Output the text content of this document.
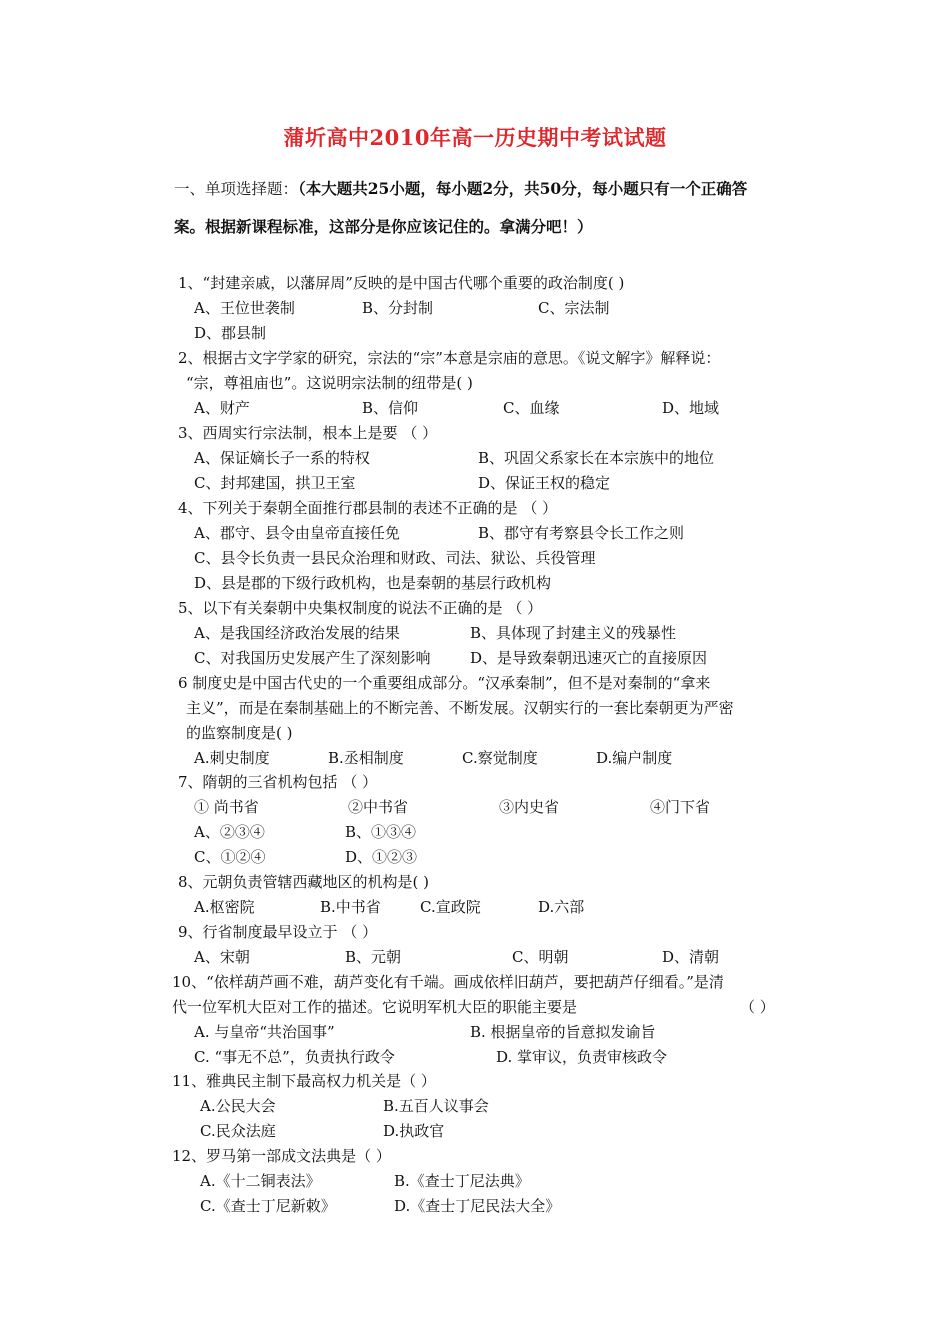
蒲圻高中2010年高一历史期中考试试题
一、单项选择题：（本大题共25小题，每小题2分，共50分，每小题只有一个正确答
案。根据新课程标准，这部分是你应该记住的。拿满分吧！）
1、“封建亲戚，以藩屏周”反映的是中国古代哪个重要的政治制度( )
A、王位世袭制	B、分封制	C、宗法制
D、郡县制
2、根据古文字学家的研究，宗法的“宗”本意是宗庙的意思。《说文解字》解释说：
“宗，尊祖庙也”。这说明宗法制的纽带是( )
A、财产	B、信仰	C、血缘	D、地域
3、西周实行宗法制，根本上是要 （ ）
A、保证嫡长子一系的特权	B、巩固父系家长在本宗族中的地位
C、封邦建国，拱卫王室	D、保证王权的稳定
4、下列关于秦朝全面推行郡县制的表述不正确的是 （ ）
A、郡守、县令由皇帝直接任免	B、郡守有考察县令长工作之则
C、县令长负责一县民众治理和财政、司法、狱讼、兵役管理
D、县是郡的下级行政机构，也是秦朝的基层行政机构
5、以下有关秦朝中央集权制度的说法不正确的是 （ ）
A、是我国经济政治发展的结果	B、具体现了封建主义的残暴性
C、对我国历史发展产生了深刻影响	D、是导致秦朝迅速灭亡的直接原因
6 制度史是中国古代史的一个重要组成部分。“汉承秦制”，但不是对秦制的“拿来
主义”，而是在秦制基础上的不断完善、不断发展。汉朝实行的一套比秦朝更为严密
的监察制度是( )
A.刺史制度	B.丞相制度	C.察觉制度	D.编户制度
7、隋朝的三省机构包括 （ ）
① 尚书省	②中书省	③内史省	④门下省
A、②③④	B、①③④
C、①②④	D、①②③
8、元朝负责管辖西藏地区的机构是( )
A.枢密院	B.中书省	C.宣政院	D.六部
9、行省制度最早设立于 （ ）
A、宋朝	B、元朝	C、明朝	D、清朝
10、“依样葫芦画不难，葫芦变化有千端。画成依样旧葫芦，要把葫芦仔细看。”是清
代一位军机大臣对工作的描述。它说明军机大臣的职能主要是	（ ）
A. 与皇帝“共治国事”	B. 根据皇帝的旨意拟发谕旨
C. “事无不总”，负责执行政令	D. 掌审议，负责审核政令
11、雅典民主制下最高权力机关是（ ）
A.公民大会	B.五百人议事会
C.民众法庭	D.执政官
12、罗马第一部成文法典是（ ）
A.《十二铜表法》	B.《查士丁尼法典》
C.《查士丁尼新敕》	D.《查士丁尼民法大全》
